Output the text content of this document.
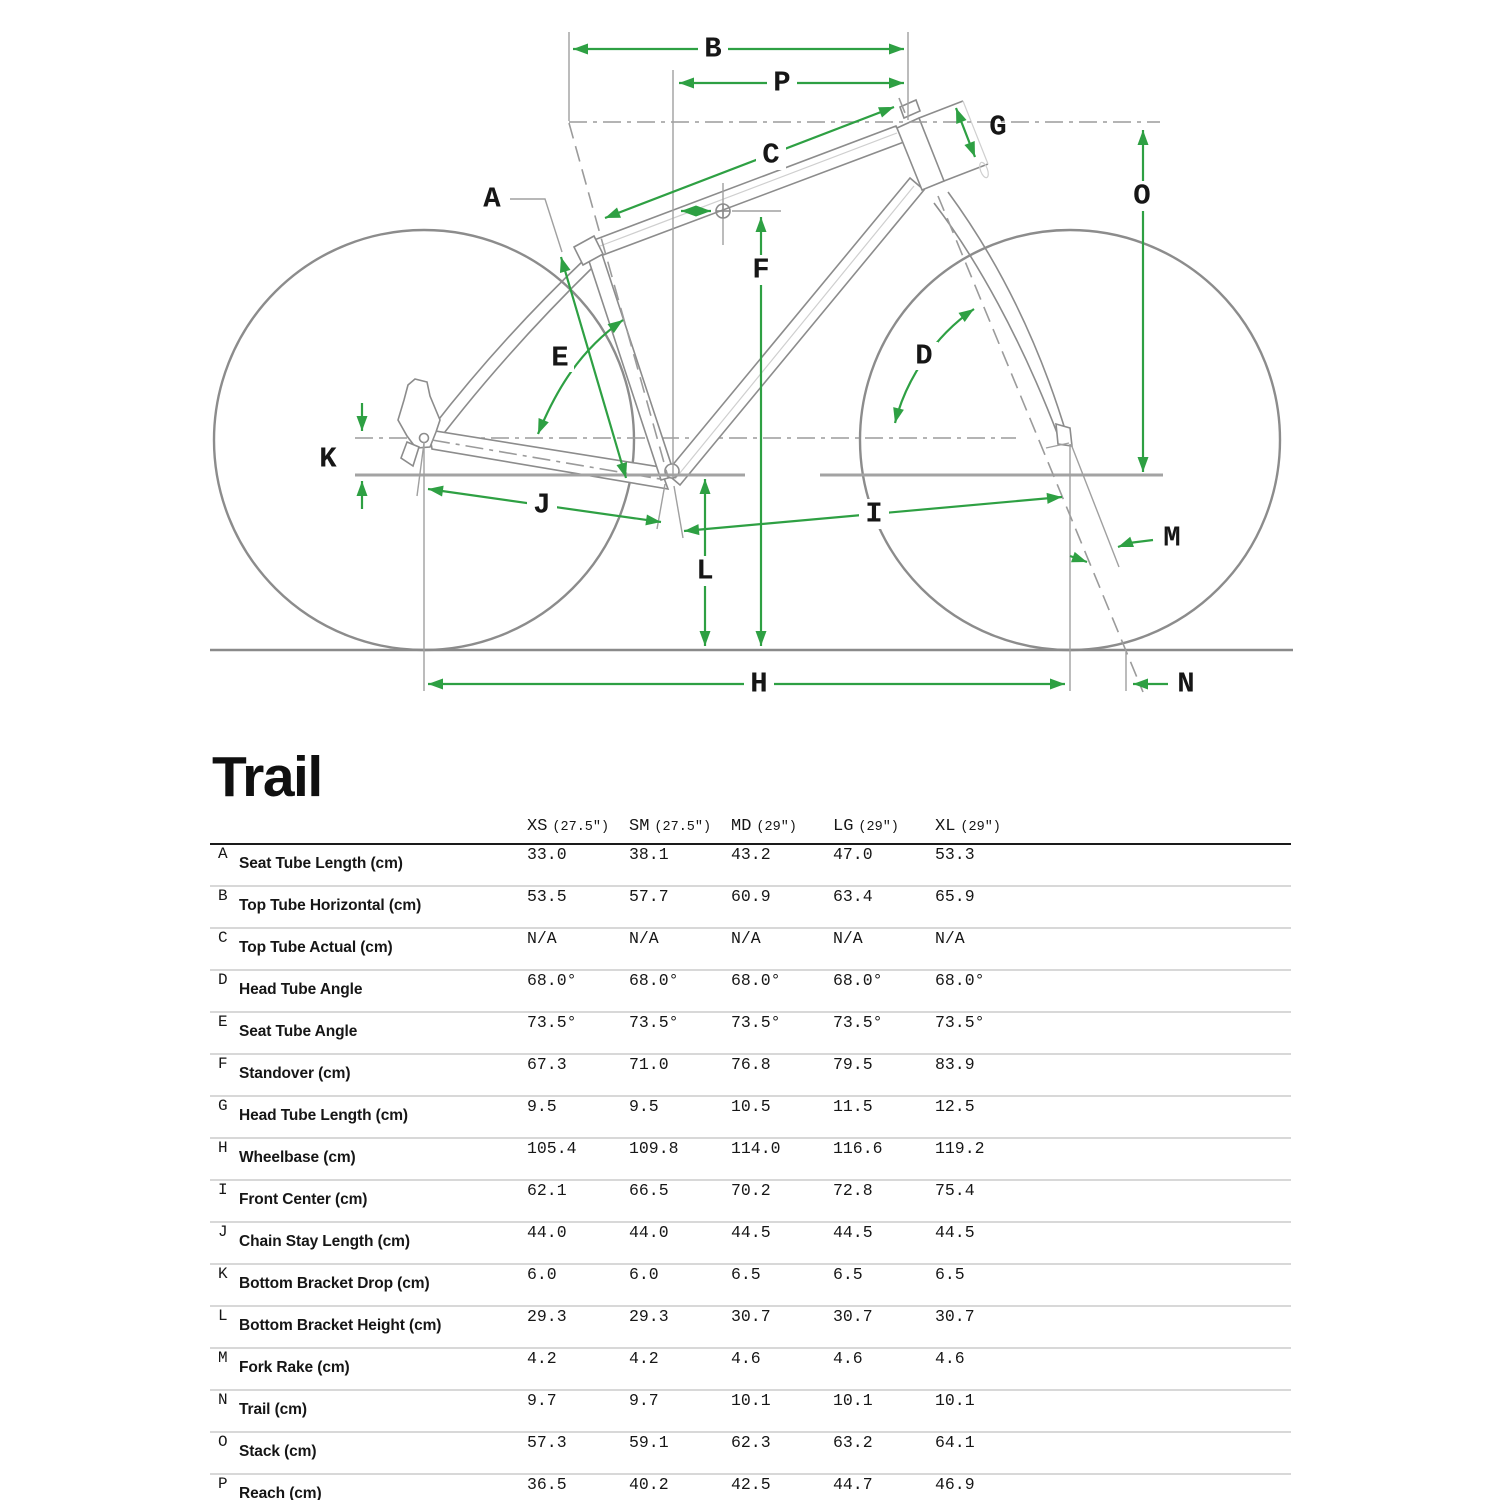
B
P
C
G
O
A
F
E	D
K
J	I
L
H
M
N
Trail
XS (27.5") SM (27.5") MD (29") LG (29") XL (29")
A
Seat Tube Length (cm)	33.0	38.1	43.2	47.0	53.3
B
Top Tube Horizontal (cm)	53.5	57.7	60.9	63.4	65.9
C
Top Tube Actual (cm)	N/A	N/A	N/A	N/A	N/A
D
Head Tube Angle	68.0°	68.0°	68.0°	68.0°	68.0°
E
Seat Tube Angle	73.5°	73.5°	73.5°	73.5°	73.5°
F
Standover (cm)	67.3	71.0	76.8	79.5	83.9
G
Head Tube Length (cm)	9.5	9.5	10.5	11.5	12.5
H
Wheelbase (cm)	105.4	109.8	114.0	116.6	119.2
I
Front Center (cm)	62.1	66.5	70.2	72.8	75.4
J
Chain Stay Length (cm)	44.0	44.0	44.5	44.5	44.5
K
Bottom Bracket Drop (cm)	6.0	6.0	6.5	6.5	6.5
L
Bottom Bracket Height (cm)	29.3	29.3	30.7	30.7	30.7
M
Fork Rake (cm)	4.2	4.2	4.6	4.6	4.6
N
Trail (cm)	9.7	9.7	10.1	10.1	10.1
O
Stack (cm)	57.3	59.1	62.3	63.2	64.1
P
Reach (cm)	36.5	40.2	42.5	44.7	46.9
